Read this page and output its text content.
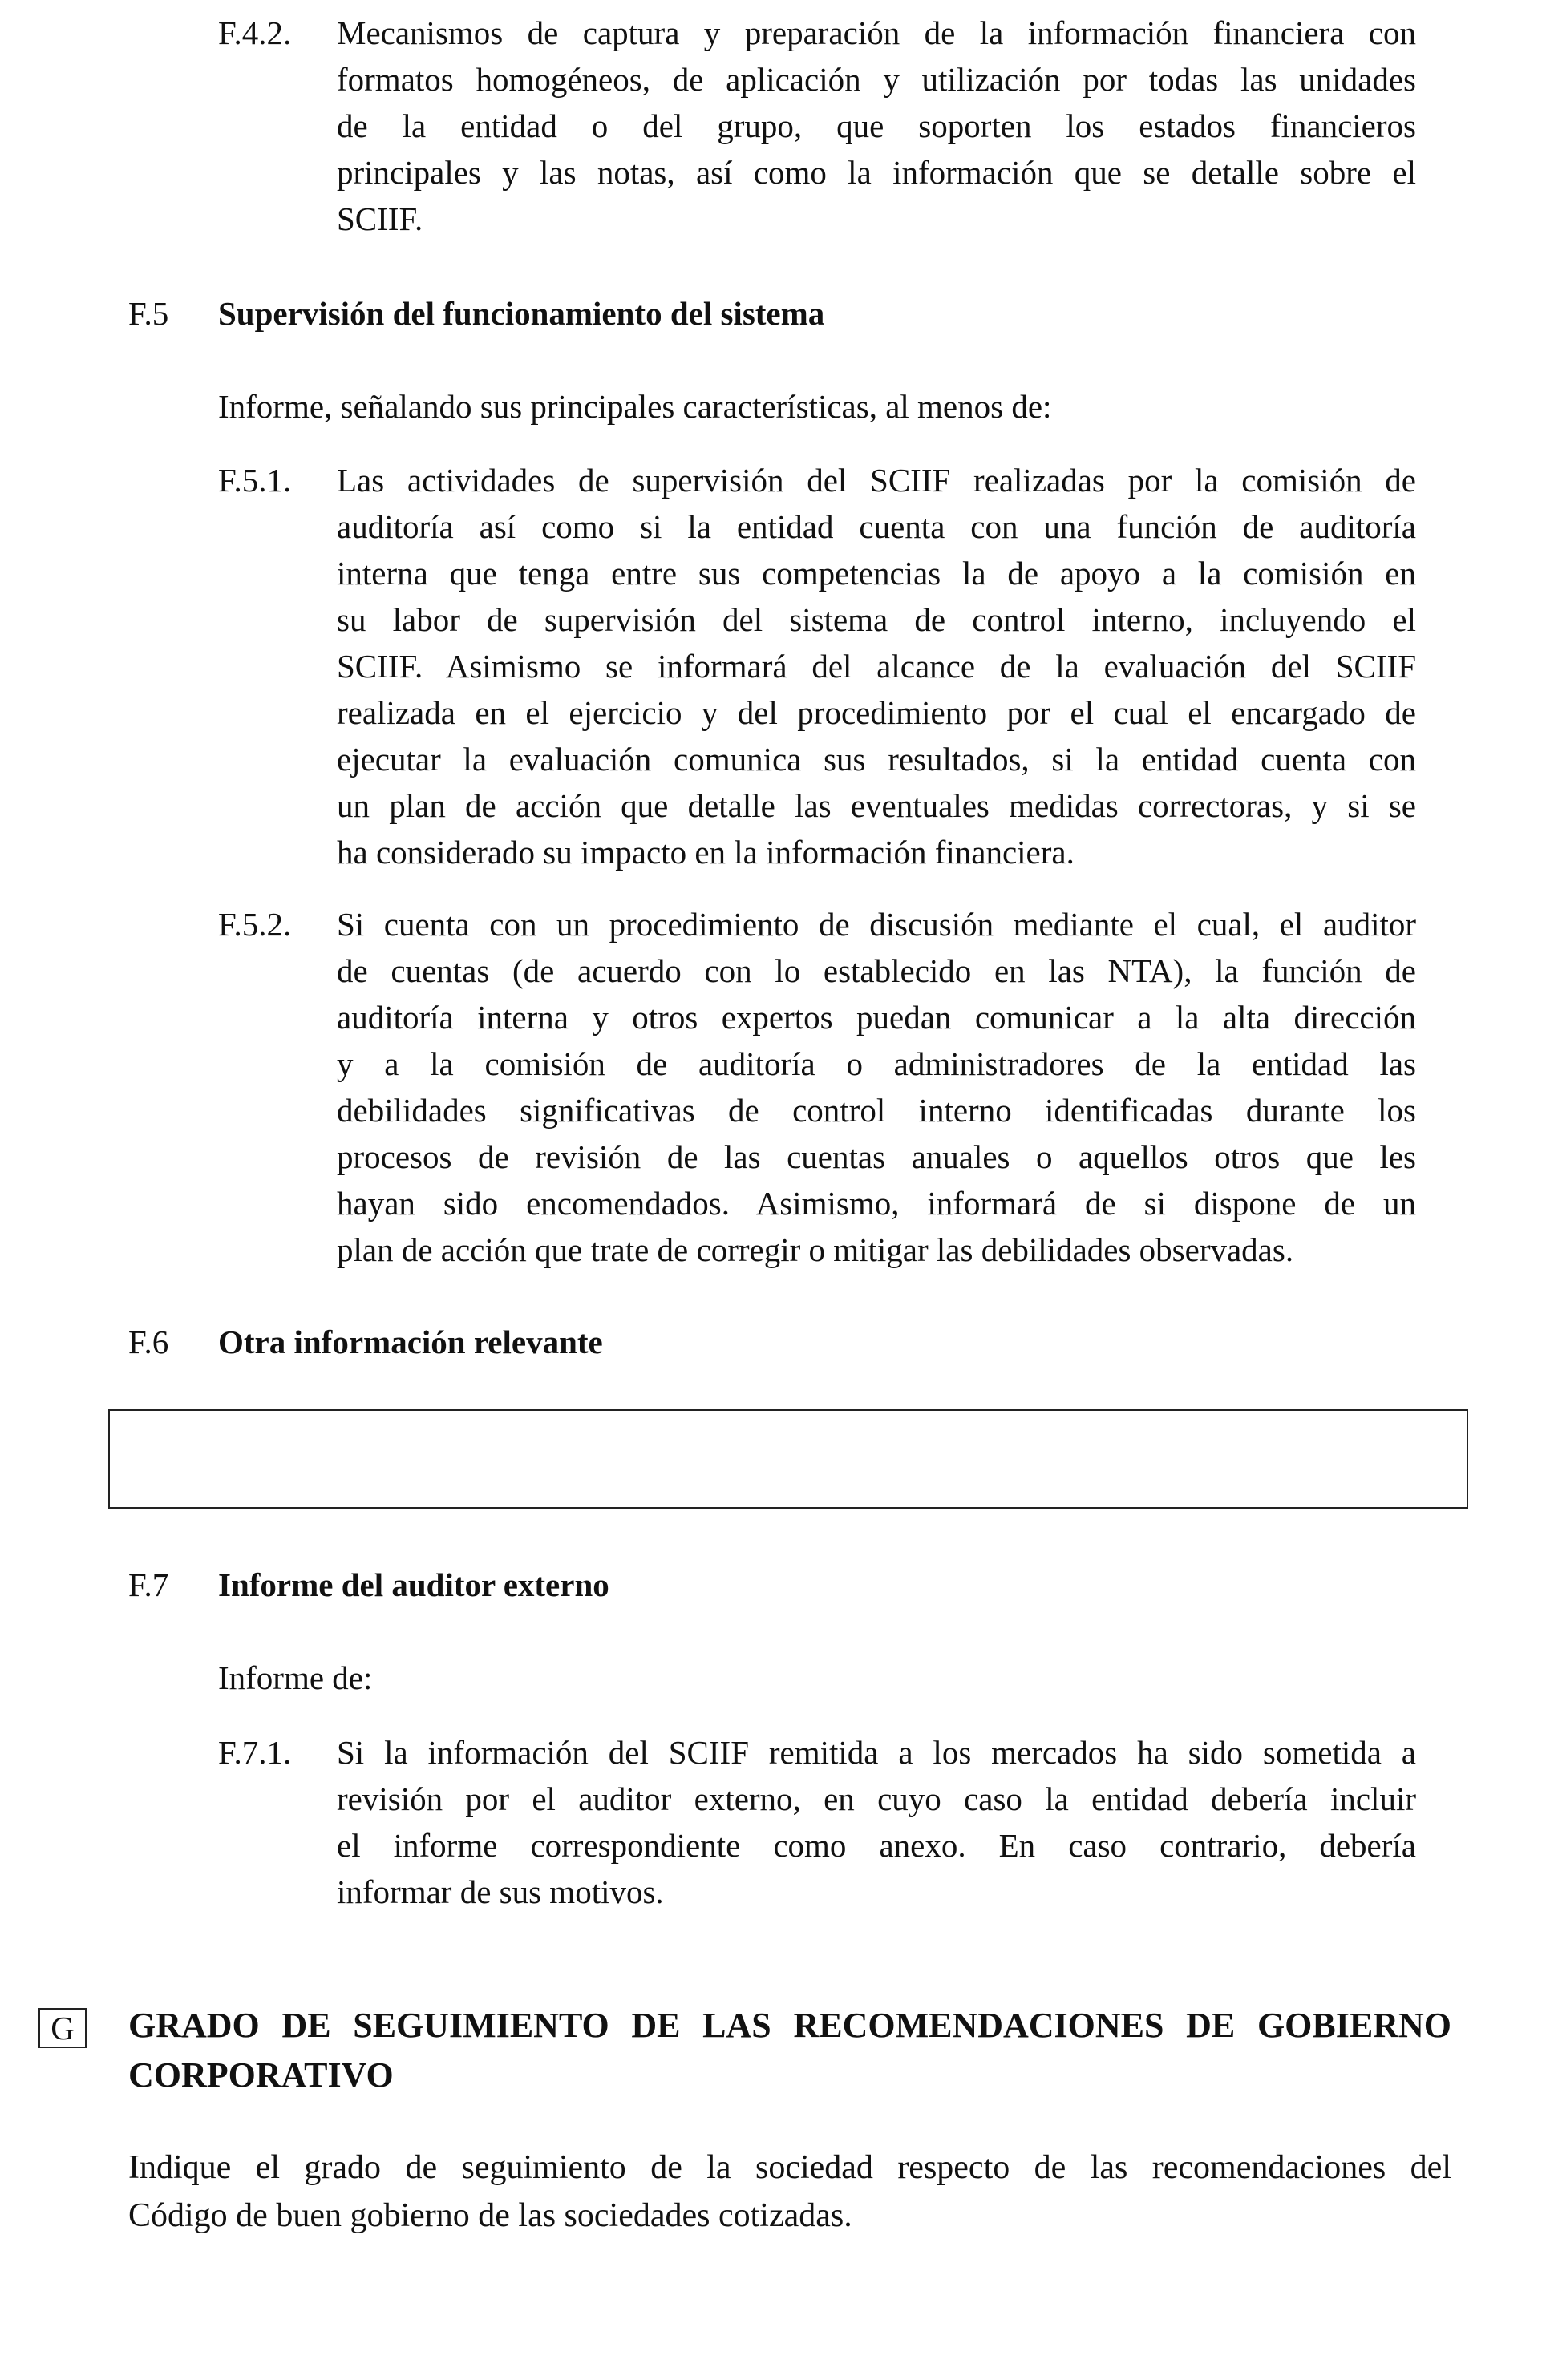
F.4.2. Mecanismos de captura y preparación de la información financiera con
formatos homogéneos, de aplicación y utilización por todas las unidades
de la entidad o del grupo, que soporten los estados financieros
principales y las notas, así como la información que se detalle sobre el
SCIIF.
F.5 Supervisión del funcionamiento del sistema
Informe, señalando sus principales características, al menos de:
F.5.1. Las actividades de supervisión del SCIIF realizadas por la comisión de
auditoría así como si la entidad cuenta con una función de auditoría
interna que tenga entre sus competencias la de apoyo a la comisión en
su labor de supervisión del sistema de control interno, incluyendo el
SCIIF. Asimismo se informará del alcance de la evaluación del SCIIF
realizada en el ejercicio y del procedimiento por el cual el encargado de
ejecutar la evaluación comunica sus resultados, si la entidad cuenta con
un plan de acción que detalle las eventuales medidas correctoras, y si se
ha considerado su impacto en la información financiera.
F.5.2. Si cuenta con un procedimiento de discusión mediante el cual, el auditor
de cuentas (de acuerdo con lo establecido en las NTA), la función de
auditoría interna y otros expertos puedan comunicar a la alta dirección
y a la comisión de auditoría o administradores de la entidad las
debilidades significativas de control interno identificadas durante los
procesos de revisión de las cuentas anuales o aquellos otros que les
hayan sido encomendados. Asimismo, informará de si dispone de un
plan de acción que trate de corregir o mitigar las debilidades observadas.
F.6 Otra información relevante
F.7 Informe del auditor externo
Informe de:
F.7.1. Si la información del SCIIF remitida a los mercados ha sido sometida a
revisión por el auditor externo, en cuyo caso la entidad debería incluir
el informe correspondiente como anexo. En caso contrario, debería
informar de sus motivos.
G	GRADO DE SEGUIMIENTO DE LAS RECOMENDACIONES DE GOBIERNO
CORPORATIVO
Indique el grado de seguimiento de la sociedad respecto de las recomendaciones del
Código de buen gobierno de las sociedades cotizadas.
